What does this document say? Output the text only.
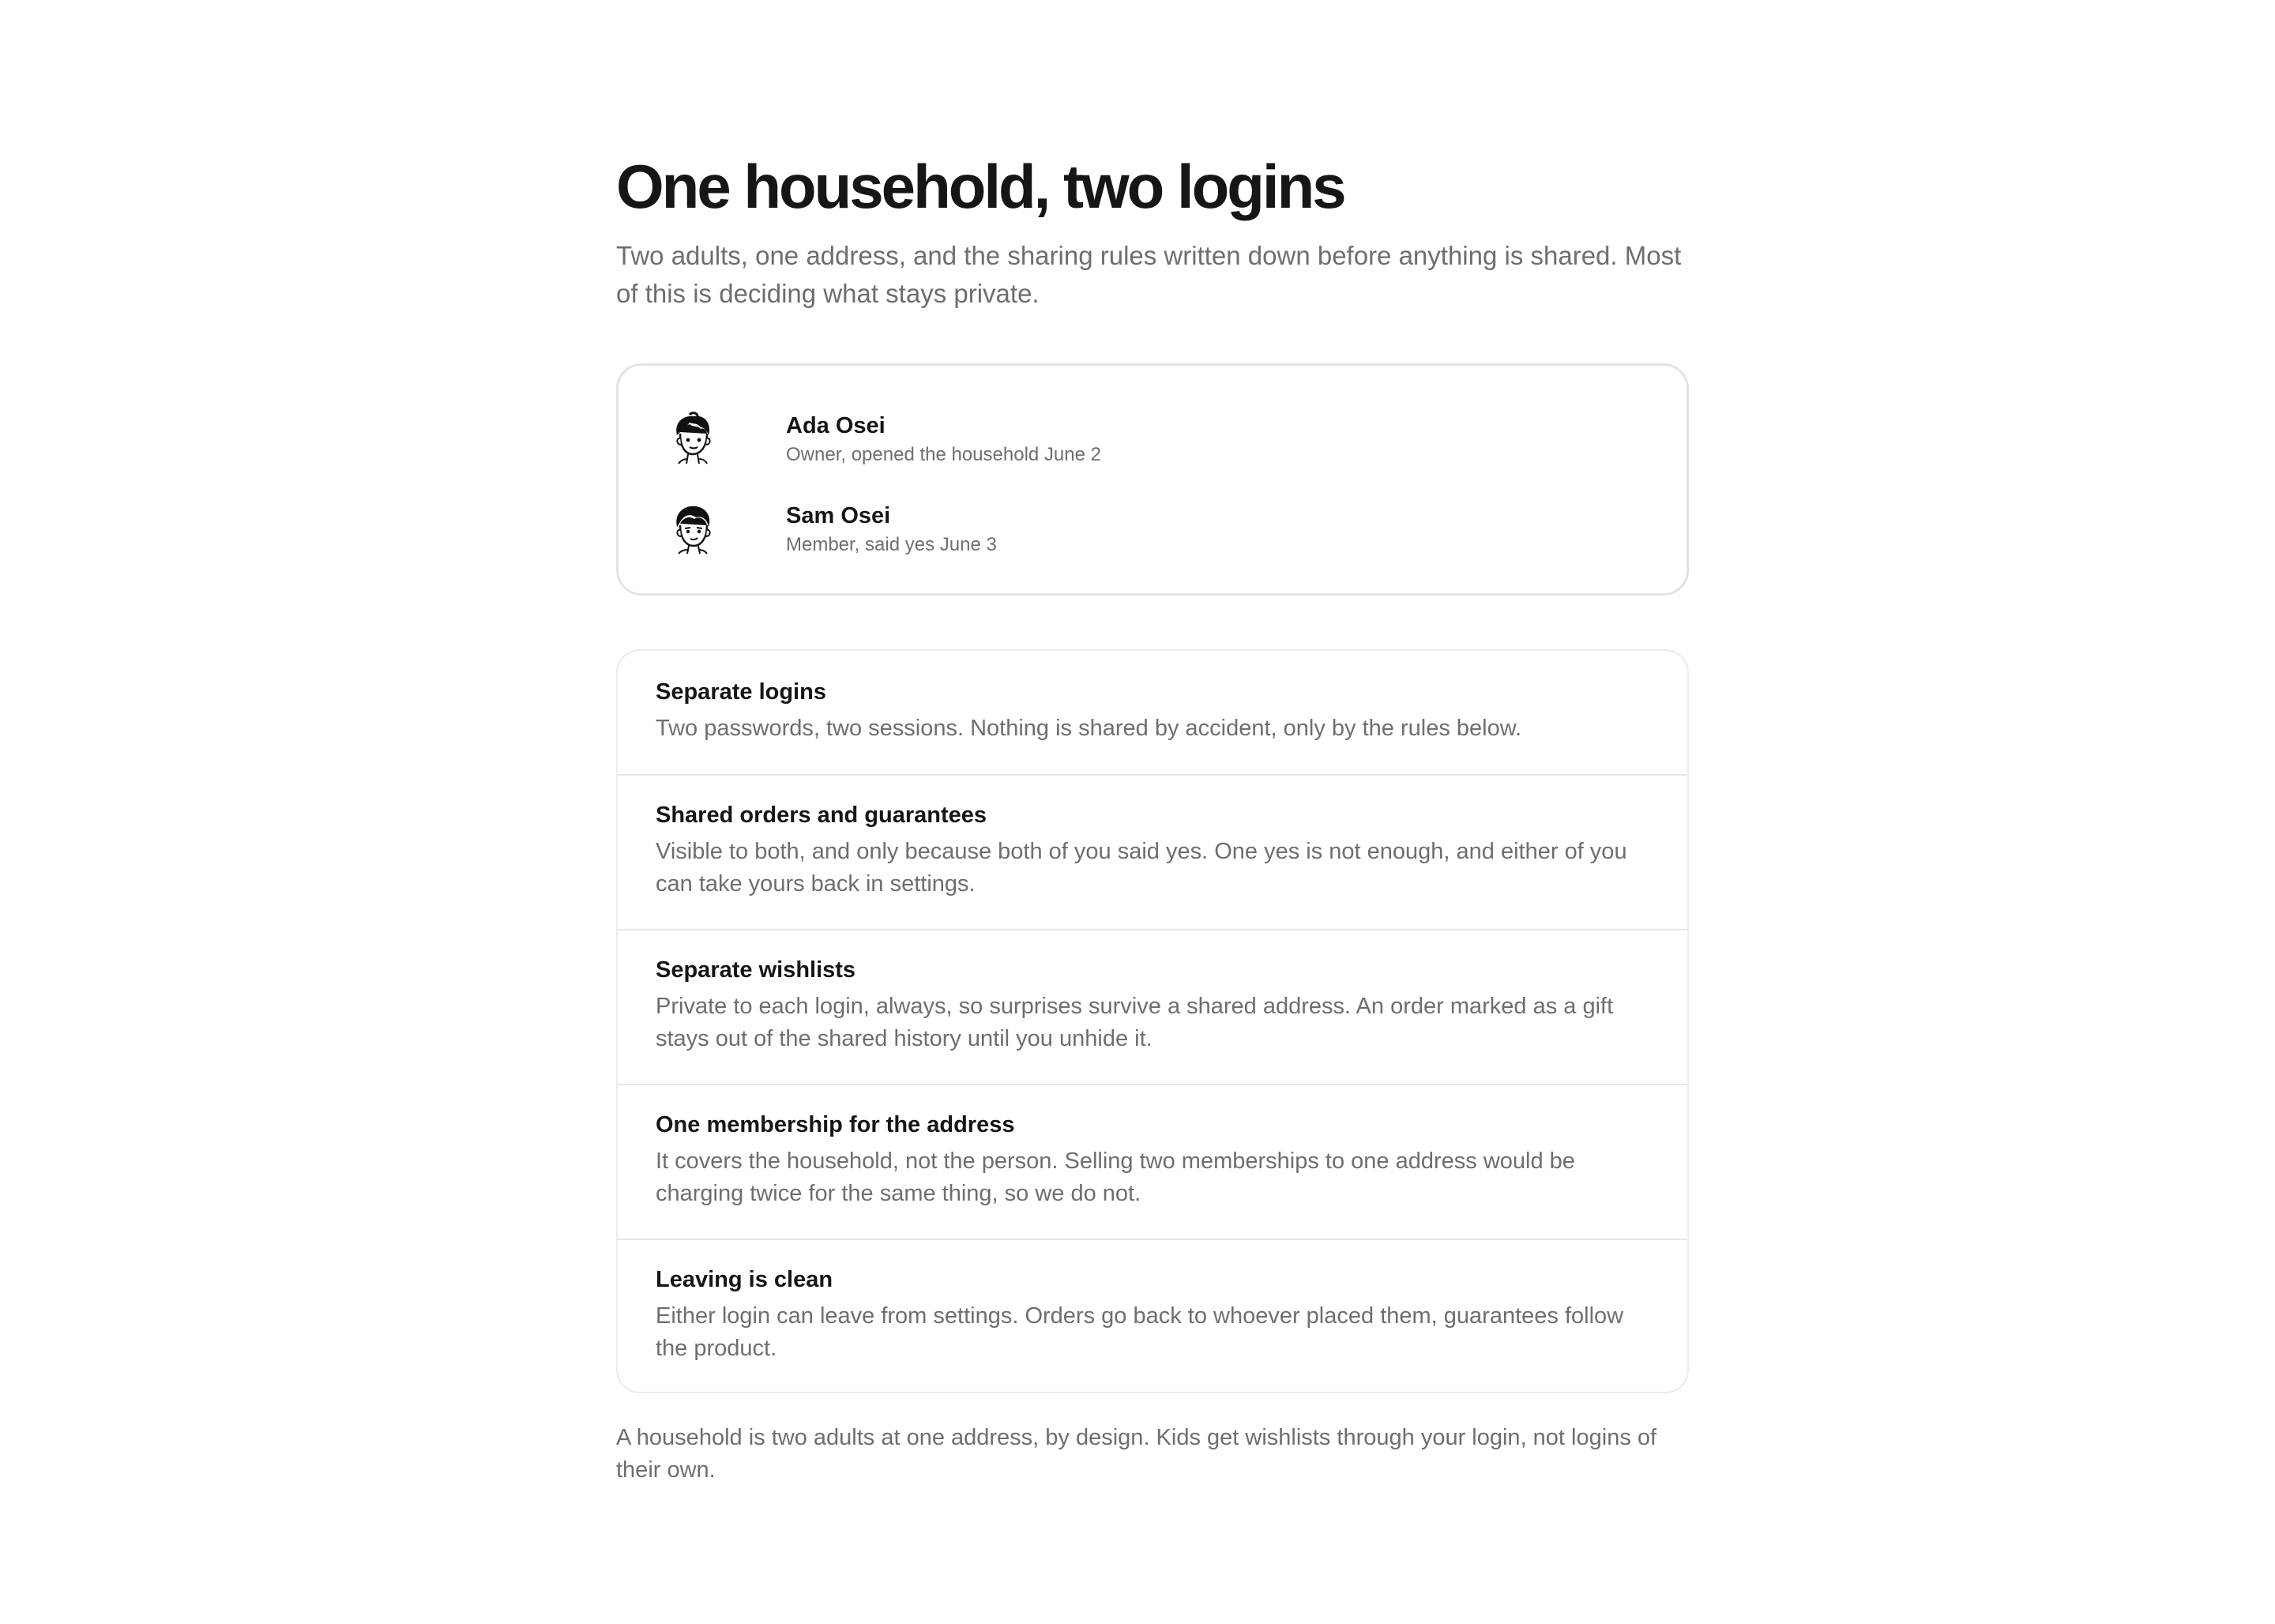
One household, two logins

Two adults, one address, and the sharing rules written down before anything is shared. Most of this is deciding what stays private.

Ada Osei
Owner, opened the household June 2
Sam Osei
Member, said yes June 3
Separate logins
Two passwords, two sessions. Nothing is shared by accident, only by the rules below.
Shared orders and guarantees
Visible to both, and only because both of you said yes. One yes is not enough, and either of you can take yours back in settings.
Separate wishlists
Private to each login, always, so surprises survive a shared address. An order marked as a gift stays out of the shared history until you unhide it.
One membership for the address
It covers the household, not the person. Selling two memberships to one address would be charging twice for the same thing, so we do not.
Leaving is clean
Either login can leave from settings. Orders go back to whoever placed them, guarantees follow the product.

A household is two adults at one address, by design. Kids get wishlists through your login, not logins of their own.
